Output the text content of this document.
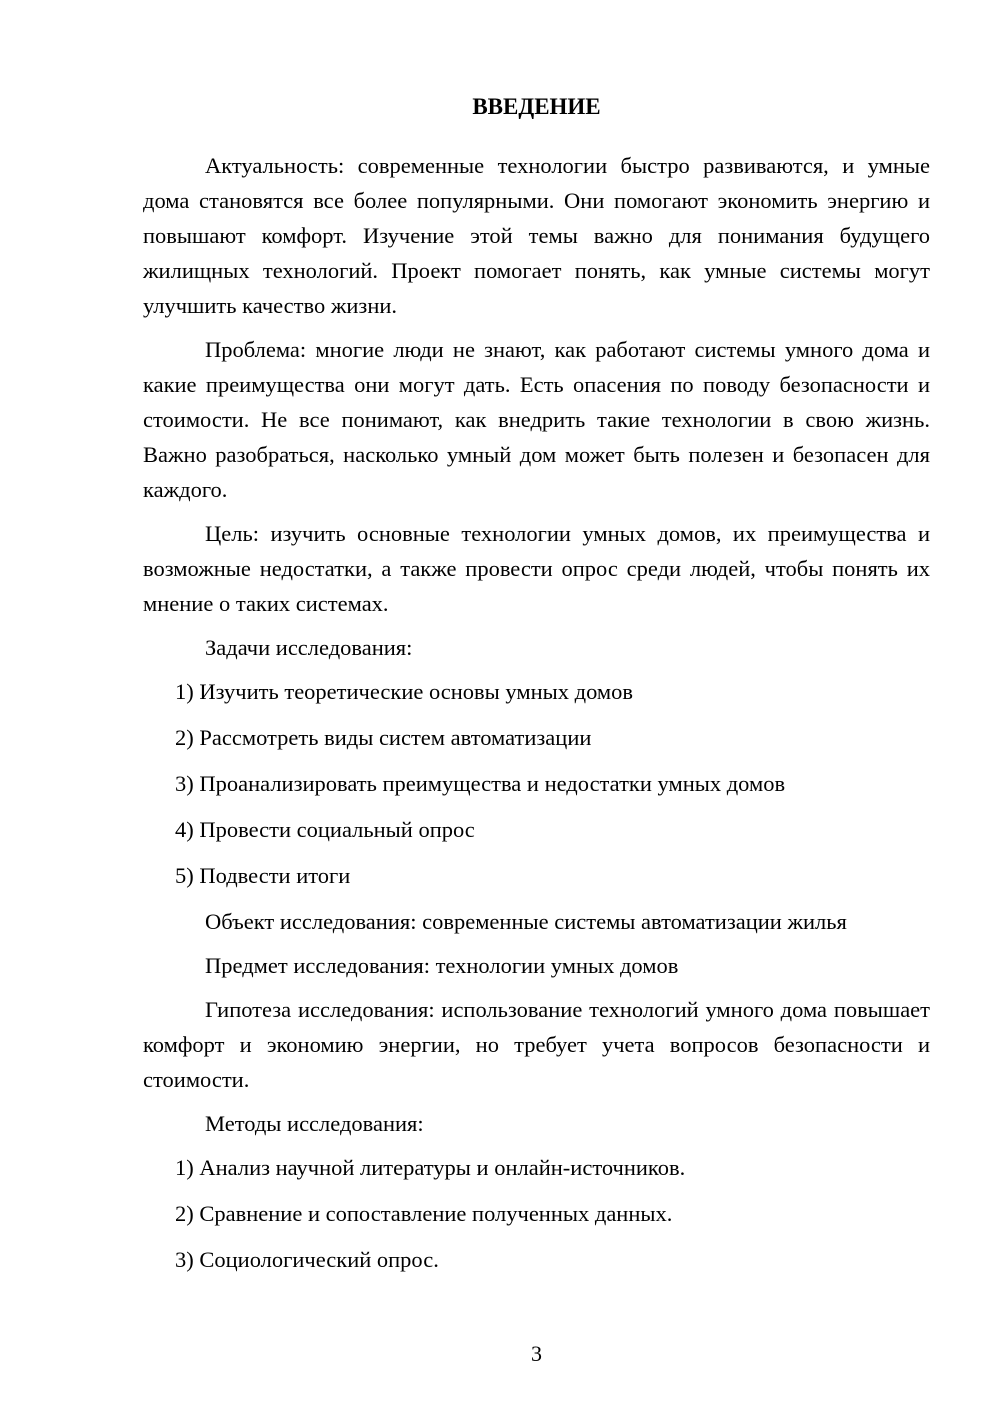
ВВЕДЕНИЕ

Актуальность: современные технологии быстро развиваются, и умные дома становятся все более популярными. Они помогают экономить энергию и повышают комфорт. Изучение этой темы важно для понимания будущего жилищных технологий. Проект помогает понять, как умные системы могут улучшить качество жизни.

Проблема: многие люди не знают, как работают системы умного дома и какие преимущества они могут дать. Есть опасения по поводу безопасности и стоимости. Не все понимают, как внедрить такие технологии в свою жизнь. Важно разобраться, насколько умный дом может быть полезен и безопасен для каждого.

Цель: изучить основные технологии умных домов, их преимущества и возможные недостатки, а также провести опрос среди людей, чтобы понять их мнение о таких системах.

Задачи исследования:

1) Изучить теоретические основы умных домов

2) Рассмотреть виды систем автоматизации

3) Проанализировать преимущества и недостатки умных домов

4) Провести социальный опрос

5) Подвести итоги

Объект исследования: современные системы автоматизации жилья

Предмет исследования: технологии умных домов

Гипотеза исследования: использование технологий умного дома повышает комфорт и экономию энергии, но требует учета вопросов безопасности и стоимости.

Методы исследования:

1) Анализ научной литературы и онлайн-источников.

2) Сравнение и сопоставление полученных данных.

3) Социологический опрос.

3
